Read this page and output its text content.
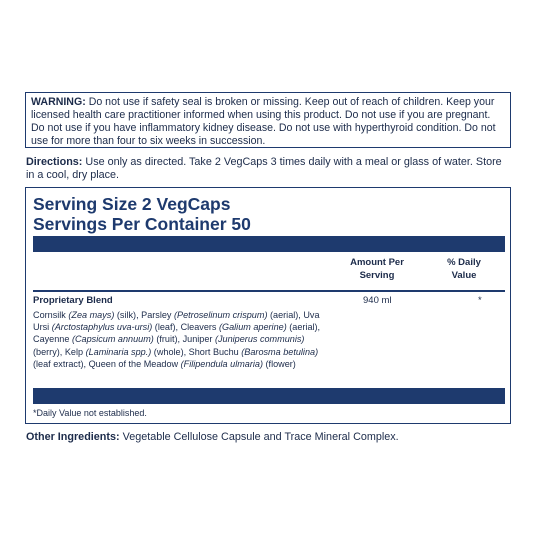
WARNING: Do not use if safety seal is broken or missing. Keep out of reach of children. Keep your licensed health care practitioner informed when using this product. Do not use if you are pregnant. Do not use if you have inflammatory kidney disease. Do not use with hyperthyroid condition. Do not use for more than four to six weeks in succession.
Directions: Use only as directed. Take 2 VegCaps 3 times daily with a meal or glass of water. Store in a cool, dry place.
Serving Size 2 VegCaps
Servings Per Container 50
Amount Per
Serving
% Daily
Value
Proprietary Blend	940 ml	*
Cornsilk (Zea mays) (silk), Parsley (Petroselinum crispum) (aerial), Uva Ursi (Arctostaphylus uva-ursi) (leaf), Cleavers (Galium aperine) (aerial), Cayenne (Capsicum annuum) (fruit), Juniper (Juniperus communis) (berry), Kelp (Laminaria spp.) (whole), Short Buchu (Barosma betulina) (leaf extract), Queen of the Meadow (Filipendula ulmaria) (flower)
*Daily Value not established.
Other Ingredients: Vegetable Cellulose Capsule and Trace Mineral Complex.
